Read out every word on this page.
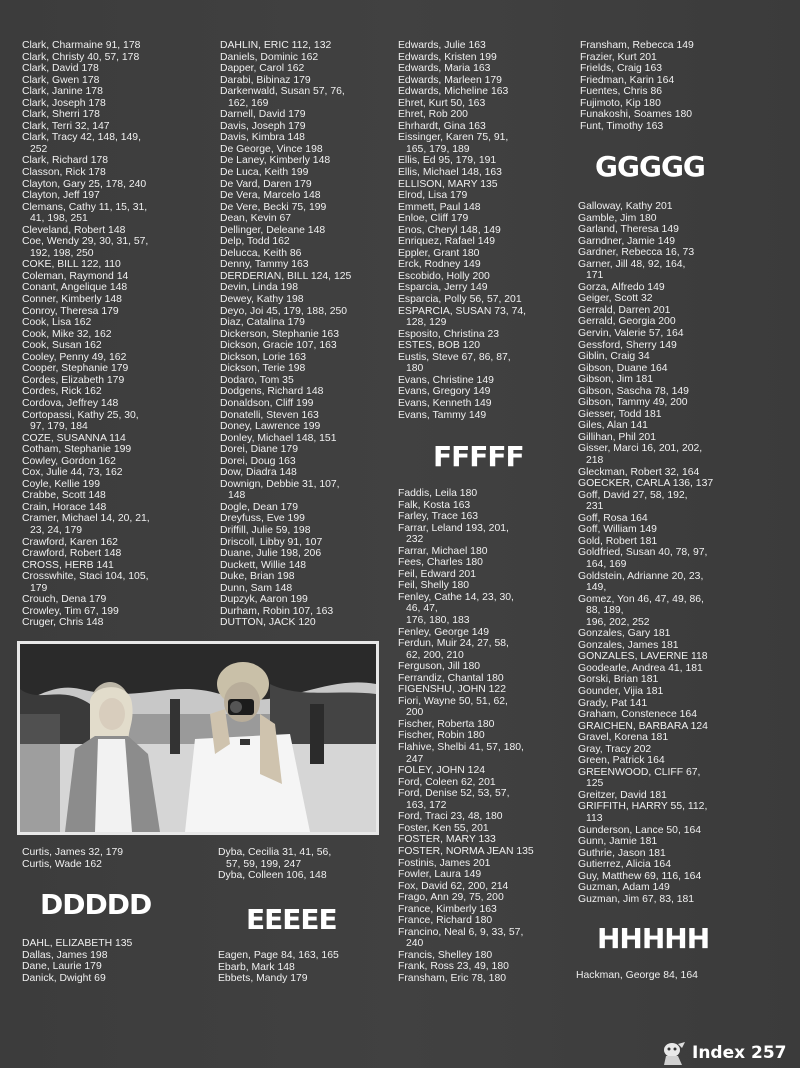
Clark, Charmaine 91, 178
Clark, Christy 40, 57, 178
Clark, David 178
Clark, Gwen 178
Clark, Janine 178
Clark, Joseph 178
Clark, Sherri 178
Clark, Terri 32, 147
Clark, Tracy 42, 148, 149,
252
Clark, Richard 178
Classon, Rick 178
Clayton, Gary 25, 178, 240
Clayton, Jeff 197
Clemans, Cathy 11, 15, 31,
41, 198, 251
Cleveland, Robert 148
Coe, Wendy 29, 30, 31, 57,
192, 198, 250
COKE, BILL 122, 110
Coleman, Raymond 14
Conant, Angelique 148
Conner, Kimberly 148
Conroy, Theresa 179
Cook, Lisa 162
Cook, Mike 32, 162
Cook, Susan 162
Cooley, Penny 49, 162
Cooper, Stephanie 179
Cordes, Elizabeth 179
Cordes, Rick 162
Cordova, Jeffrey 148
Cortopassi, Kathy 25, 30,
97, 179, 184
COZE, SUSANNA 114
Cotham, Stephanie 199
Cowley, Gordon 162
Cox, Julie 44, 73, 162
Coyle, Kellie 199
Crabbe, Scott 148
Crain, Horace 148
Cramer, Michael 14, 20, 21,
23, 24, 179
Crawford, Karen 162
Crawford, Robert 148
CROSS, HERB 141
Crosswhite, Staci 104, 105,
179
Crouch, Dena 179
Crowley, Tim 67, 199
Cruger, Chris 148
DAHLIN, ERIC 112, 132
Daniels, Dominic 162
Dapper, Carol 162
Darabi, Bibinaz 179
Darkenwald, Susan 57, 76,
162, 169
Darnell, David 179
Davis, Joseph 179
Davis, Kimbra 148
De George, Vince 198
De Laney, Kimberly 148
De Luca, Keith 199
De Vard, Daren 179
De Vera, Marcelo 148
De Vere, Becki 75, 199
Dean, Kevin 67
Dellinger, Deleane 148
Delp, Todd 162
Delucca, Keith 86
Denny, Tammy 163
DERDERIAN, BILL 124, 125
Devin, Linda 198
Dewey, Kathy 198
Deyo, Joi 45, 179, 188, 250
Diaz, Catalina 179
Dickerson, Stephanie 163
Dickson, Gracie 107, 163
Dickson, Lorie 163
Dickson, Terie 198
Dodaro, Tom 35
Dodgens, Richard 148
Donaldson, Cliff 199
Donatelli, Steven 163
Doney, Lawrence 199
Donley, Michael 148, 151
Dorei, Diane 179
Dorei, Doug 163
Dow, Diadra 148
Downign, Debbie 31, 107,
148
Dogle, Dean 179
Dreyfuss, Eve 199
Driffill, Julie 59, 198
Driscoll, Libby 91, 107
Duane, Julie 198, 206
Duckett, Willie 148
Duke, Brian 198
Dunn, Sam 148
Dupzyk, Aaron 199
Durham, Robin 107, 163
DUTTON, JACK 120
Edwards, Julie 163
Edwards, Kristen 199
Edwards, Maria 163
Edwards, Marleen 179
Edwards, Micheline 163
Ehret, Kurt 50, 163
Ehret, Rob 200
Ehrhardt, Gina 163
Eissinger, Karen 75, 91,
165, 179, 189
Ellis, Ed 95, 179, 191
Ellis, Michael 148, 163
ELLISON, MARY 135
Elrod, Lisa 179
Emmett, Paul 148
Enloe, Cliff 179
Enos, Cheryl 148, 149
Enriquez, Rafael 149
Eppler, Grant 180
Erck, Rodney 149
Escobido, Holly 200
Esparcia, Jerry 149
Esparcia, Polly 56, 57, 201
ESPARCIA, SUSAN 73, 74,
128, 129
Esposito, Christina 23
ESTES, BOB 120
Eustis, Steve 67, 86, 87,
180
Evans, Christine 149
Evans, Gregory 149
Evans, Kenneth 149
Evans, Tammy 149
Fransham, Rebecca 149
Frazier, Kurt 201
Frields, Craig 163
Friedman, Karin 164
Fuentes, Chris 86
Fujimoto, Kip 180
Funakoshi, Soames 180
Funt, Timothy 163
GGGGG
Galloway, Kathy 201
Gamble, Jim 180
Garland, Theresa 149
Garndner, Jamie 149
Gardner, Rebecca 16, 73
Garner, Jill 48, 92, 164,
171
Gorza, Alfredo 149
Geiger, Scott 32
Gerrald, Darren 201
Gerrald, Georgia 200
Gervin, Valerie 57, 164
Gessford, Sherry 149
Giblin, Craig 34
Gibson, Duane 164
Gibson, Jim 181
Gibson, Sascha 78, 149
Gibson, Tammy 49, 200
Giesser, Todd 181
Giles, Alan 141
Gillihan, Phil 201
Gisser, Marci 16, 201, 202,
218
Gleckman, Robert 32, 164
GOECKER, CARLA 136, 137
Goff, David 27, 58, 192,
231
Goff, Rosa 164
Goff, William 149
Gold, Robert 181
Goldfried, Susan 40, 78, 97,
164, 169
Goldstein, Adrianne 20, 23,
149,
Gomez, Yon 46, 47, 49, 86,
88, 189,
196, 202, 252
Gonzales, Gary 181
Gonzales, James 181
GONZALES, LAVERNE 118
Goodearle, Andrea 41, 181
Gorski, Brian 181
Gounder, Vijia 181
Grady, Pat 141
Graham, Constenece 164
GRAICHEN, BARBARA 124
Gravel, Korena 181
Gray, Tracy 202
Green, Patrick 164
GREENWOOD, CLIFF 67,
125
Greitzer, David 181
GRIFFITH, HARRY 55, 112,
113
Gunderson, Lance 50, 164
Gunn, Jamie 181
Guthrie, Jason 181
Gutierrez, Alicia 164
Guy, Matthew 69, 116, 164
Guzman, Adam 149
Guzman, Jim 67, 83, 181
FFFFF
Faddis, Leila 180
Falk, Kosta 163
Farley, Trace 163
Farrar, Leland 193, 201,
232
Farrar, Michael 180
Fees, Charles 180
Feil, Edward 201
Feil, Shelly 180
Fenley, Cathe 14, 23, 30,
46, 47,
176, 180, 183
Fenley, George 149
Ferdun, Muir 24, 27, 58,
62, 200, 210
Ferguson, Jill 180
Ferrandiz, Chantal 180
FIGENSHU, JOHN 122
Fiori, Wayne 50, 51, 62,
200
Fischer, Roberta 180
Fischer, Robin 180
Flahive, Shelbi 41, 57, 180,
247
FOLEY, JOHN 124
Ford, Coleen 62, 201
Ford, Denise 52, 53, 57,
163, 172
Ford, Traci 23, 48, 180
Foster, Ken 55, 201
FOSTER, MARY 133
FOSTER, NORMA JEAN 135
Fostinis, James 201
Fowler, Laura 149
Fox, David 62, 200, 214
Frago, Ann 29, 75, 200
France, Kimberly 163
France, Richard 180
Francino, Neal 6, 9, 33, 57,
240
Francis, Shelley 180
Frank, Ross 23, 49, 180
Fransham, Eric 78, 180
Curtis, James 32, 179
Curtis, Wade 162
Dyba, Cecilia 31, 41, 56,
57, 59, 199, 247
Dyba, Colleen 106, 148
DDDDD
DAHL, ELIZABETH 135
Dallas, James 198
Dane, Laurie 179
Danick, Dwight 69
EEEEE
Eagen, Page 84, 163, 165
Ebarb, Mark 148
Ebbets, Mandy 179
HHHHH
Hackman, George 84, 164
Index 257
